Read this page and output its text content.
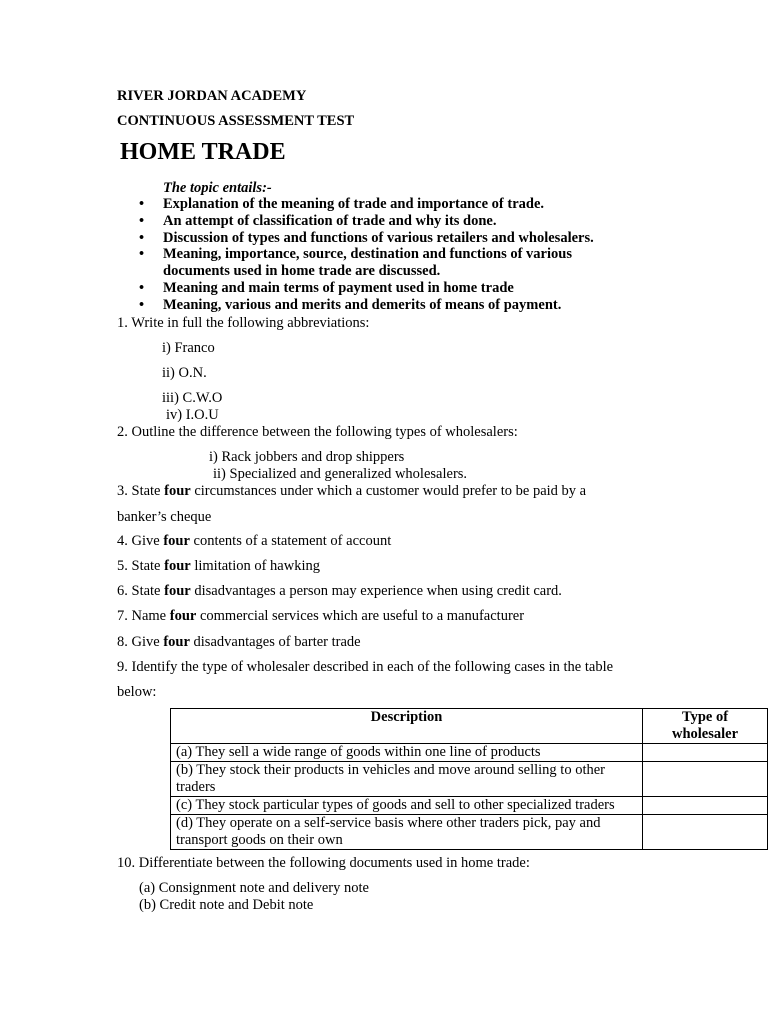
RIVER JORDAN ACADEMY
CONTINUOUS ASSESSMENT TEST
HOME TRADE
The topic entails:-
• Explanation of the meaning of trade and importance of trade.
• An attempt of classification of trade and why its done.
• Discussion of types and functions of various retailers and wholesalers.
• Meaning, importance, source, destination and functions of various documents used in home trade are discussed.
• Meaning and main terms of payment used in home trade
• Meaning, various and merits and demerits of means of payment.
1. Write in full the following abbreviations:
i) Franco
ii) O.N.
iii) C.W.O
iv) I.O.U
2. Outline the difference between the following types of wholesalers:
i) Rack jobbers and drop shippers
ii) Specialized and generalized wholesalers.
3. State four circumstances under which a customer would prefer to be paid by a
banker’s cheque
4. Give four contents of a statement of account
5. State four limitation of hawking
6. State four disadvantages a person may experience when using credit card.
7. Name four commercial services which are useful to a manufacturer
8. Give four disadvantages of barter trade
9. Identify the type of wholesaler described in each of the following cases in the table
below:
Description	Type of wholesaler
(a) They sell a wide range of goods within one line of products	
(b) They stock their products in vehicles and move around selling to other traders	
(c) They stock particular types of goods and sell to other specialized traders	
(d) They operate on a self-service basis where other traders pick, pay and transport goods on their own	
10. Differentiate between the following documents used in home trade:
(a) Consignment note and delivery note
(b) Credit note and Debit note
